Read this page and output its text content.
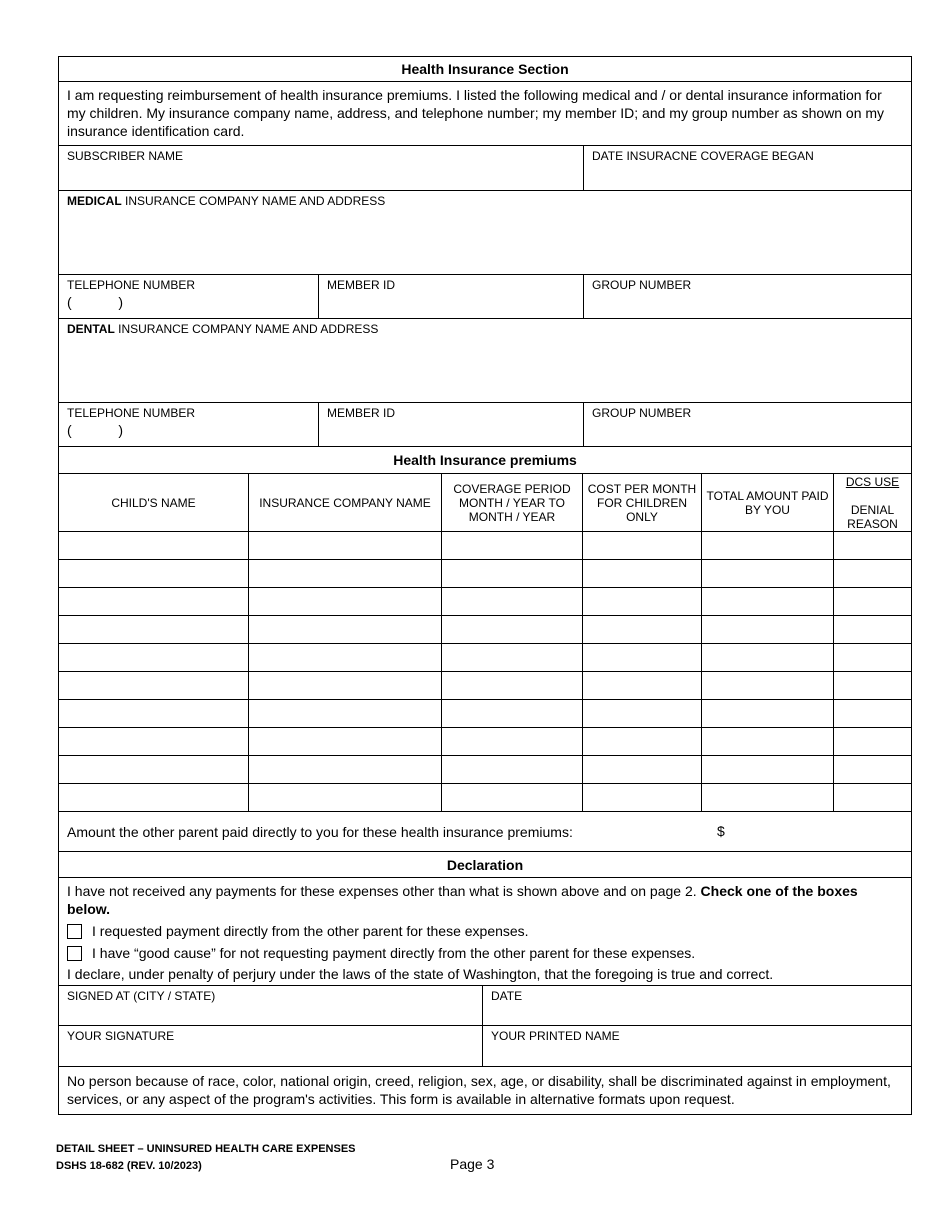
Health Insurance Section		
I am requesting reimbursement of health insurance premiums. I listed the following medical and / or dental insurance information for my children. My insurance company name, address, and telephone number; my member ID; and my group number as shown on my insurance identification card.		

SUBSCRIBER NAME		DATE INSURACNE COVERAGE BEGAN

MEDICAL INSURANCE COMPANY NAME AND ADDRESS		

TELEPHONE NUMBER
(            )	MEMBER ID	GROUP NUMBER

DENTAL INSURANCE COMPANY NAME AND ADDRESS		

TELEPHONE NUMBER
(            )	MEMBER ID	GROUP NUMBER
Health Insurance premiums					
CHILD'S NAME	INSURANCE COMPANY NAME	COVERAGE PERIOD MONTH / YEAR TO MONTH / YEAR	COST PER MONTH FOR CHILDREN ONLY	TOTAL AMOUNT PAID BY YOU	DCS USE
DENIAL REASON

Amount the other parent paid directly to you for these health insurance premiums: $					
Declaration	

I have not received any payments for these expenses other than what is shown above and on page 2. Check one of the boxes below.
I requested payment directly from the other parent for these expenses.
I have “good cause” for not requesting payment directly from the other parent for these expenses.
I declare, under penalty of perjury under the laws of the state of Washington, that the foregoing is true and correct.	

SIGNED AT (CITY / STATE)	DATE

YOUR SIGNATURE	YOUR PRINTED NAME

No person because of race, color, national origin, creed, religion, sex, age, or disability, shall be discriminated against in employment, services, or any aspect of the program's activities. This form is available in alternative formats upon request.	
DETAIL SHEET – UNINSURED HEALTH CARE EXPENSES
DSHS 18-682 (REV. 10/2023)	Page 3
